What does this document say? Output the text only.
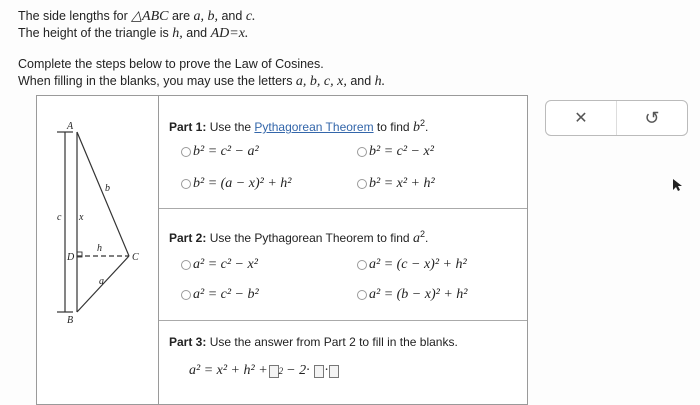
The side lengths for △ABC are a, b, and c.
The height of the triangle is h, and AD=x.
Complete the steps below to prove the Law of Cosines.
When filling in the blanks, you may use the letters a, b, c, x, and h.
A
B
C
D
b
c x
h
a
Part 1: Use the Pythagorean Theorem to find $b^2$.
b² = c² − a²	b² = c² − x²
b² = (a − x)² + h²	b² = x² + h²
Part 2: Use the Pythagorean Theorem to find $a^2$.
a² = c² − x²	a² = (c − x)² + h²
a² = c² − b²	a² = (b − x)² + h²
Part 3: Use the answer from Part 2 to fill in the blanks.
a² = x² + h² + 2 − 2· ·
✕	↺
